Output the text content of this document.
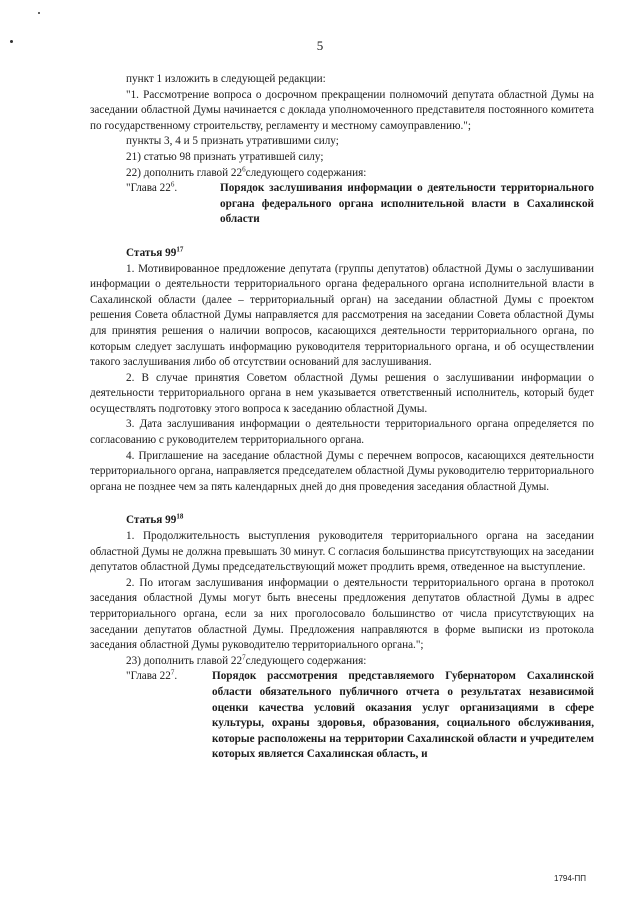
5

пункт 1 изложить в следующей редакции:

"1. Рассмотрение вопроса о досрочном прекращении полномочий депутата областной Думы на заседании областной Думы начинается с доклада уполномоченного представителя постоянного комитета по государственному строительству, регламенту и местному самоуправлению.";

пункты 3, 4 и 5 признать утратившими силу;

21) статью 98 признать утратившей силу;

22) дополнить главой $22^6следующего$ содержания:

"Глава $22^6$.	Порядок заслушивания информации о деятельности территориального органа федерального органа исполнительной власти в Сахалинской области
Статья $99^{17}$

1. Мотивированное предложение депутата (группы депутатов) областной Думы о заслушивании информации о деятельности территориального органа федерального органа исполнительной власти в Сахалинской области (далее – территориальный орган) на заседании областной Думы с проектом решения Совета областной Думы направляется для рассмотрения на заседании Совета областной Думы для принятия решения о наличии вопросов, касающихся деятельности территориального органа, по которым следует заслушать информацию руководителя территориального органа, и об осуществлении такого заслушивания либо об отсутствии оснований для заслушивания.

2. В случае принятия Советом областной Думы решения о заслушивании информации о деятельности территориального органа в нем указывается ответственный исполнитель, который будет осуществлять подготовку этого вопроса к заседанию областной Думы.

3. Дата заслушивания информации о деятельности территориального органа определяется по согласованию с руководителем территориального органа.

4. Приглашение на заседание областной Думы с перечнем вопросов, касающихся деятельности территориального органа, направляется председателем областной Думы руководителю территориального органа не позднее чем за пять календарных дней до дня проведения заседания областной Думы.

Статья $99^{18}$

1. Продолжительность выступления руководителя территориального органа на заседании областной Думы не должна превышать 30 минут. С согласия большинства присутствующих на заседании депутатов областной Думы председательствующий может продлить время, отведенное на выступление.

2. По итогам заслушивания информации о деятельности территориального органа в протокол заседания областной Думы могут быть внесены предложения депутатов областной Думы в адрес территориального органа, если за них проголосовало большинство от числа присутствующих на заседании депутатов областной Думы. Предложения направляются в форме выписки из протокола заседания областной Думы руководителю территориального органа.";

23) дополнить главой $22^7следующего$ содержания:

"Глава $22^7$.	Порядок рассмотрения представляемого Губернатором Сахалинской области обязательного публичного отчета о результатах независимой оценки качества условий оказания услуг организациями в сфере культуры, охраны здоровья, образования, социального обслуживания, которые расположены на территории Сахалинской области и учредителем которых является Сахалинская область, и
1794-ПП
